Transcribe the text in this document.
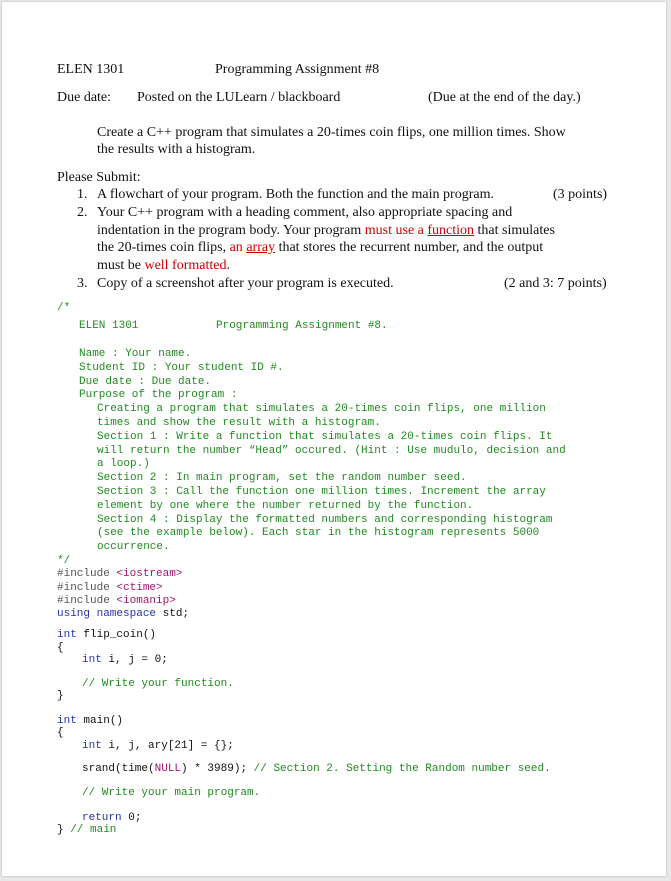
ELEN 1301	Programming Assignment #8
Due date: Posted on the LULearn / blackboard	(Due at the end of the day.)
Create a C++ program that simulates a 20-times coin flips, one million times. Show
the results with a histogram.
Please Submit:
1. A flowchart of your program. Both the function and the main program.	(3 points)
2. Your C++ program with a heading comment, also appropriate spacing and
indentation in the program body. Your program must use a function that simulates
the 20-times coin flips, an array that stores the recurrent number, and the output
must be well formatted.
3. Copy of a screenshot after your program is executed.	(2 and 3: 7 points)
/*
ELEN 1301	Programming Assignment #8.
Name : Your name.
Student ID : Your student ID #.
Due date : Due date.
Purpose of the program :
Creating a program that simulates a 20-times coin flips, one million
times and show the result with a histogram.
Section 1 : Write a function that simulates a 20-times coin flips. It
will return the number “Head” occured. (Hint : Use mudulo, decision and
a loop.)
Section 2 : In main program, set the random number seed.
Section 3 : Call the function one million times. Increment the array
element by one where the number returned by the function.
Section 4 : Display the formatted numbers and corresponding histogram
(see the example below). Each star in the histogram represents 5000
occurrence.
*/
#include <iostream>
#include <ctime>
#include <iomanip>
using namespace std;
int flip_coin()
{
int i, j = 0;
// Write your function.
}
int main()
{
int i, j, ary[21] = {};
srand(time(NULL) * 3989); // Section 2. Setting the Random number seed.
// Write your main program.
return 0;
} // main
